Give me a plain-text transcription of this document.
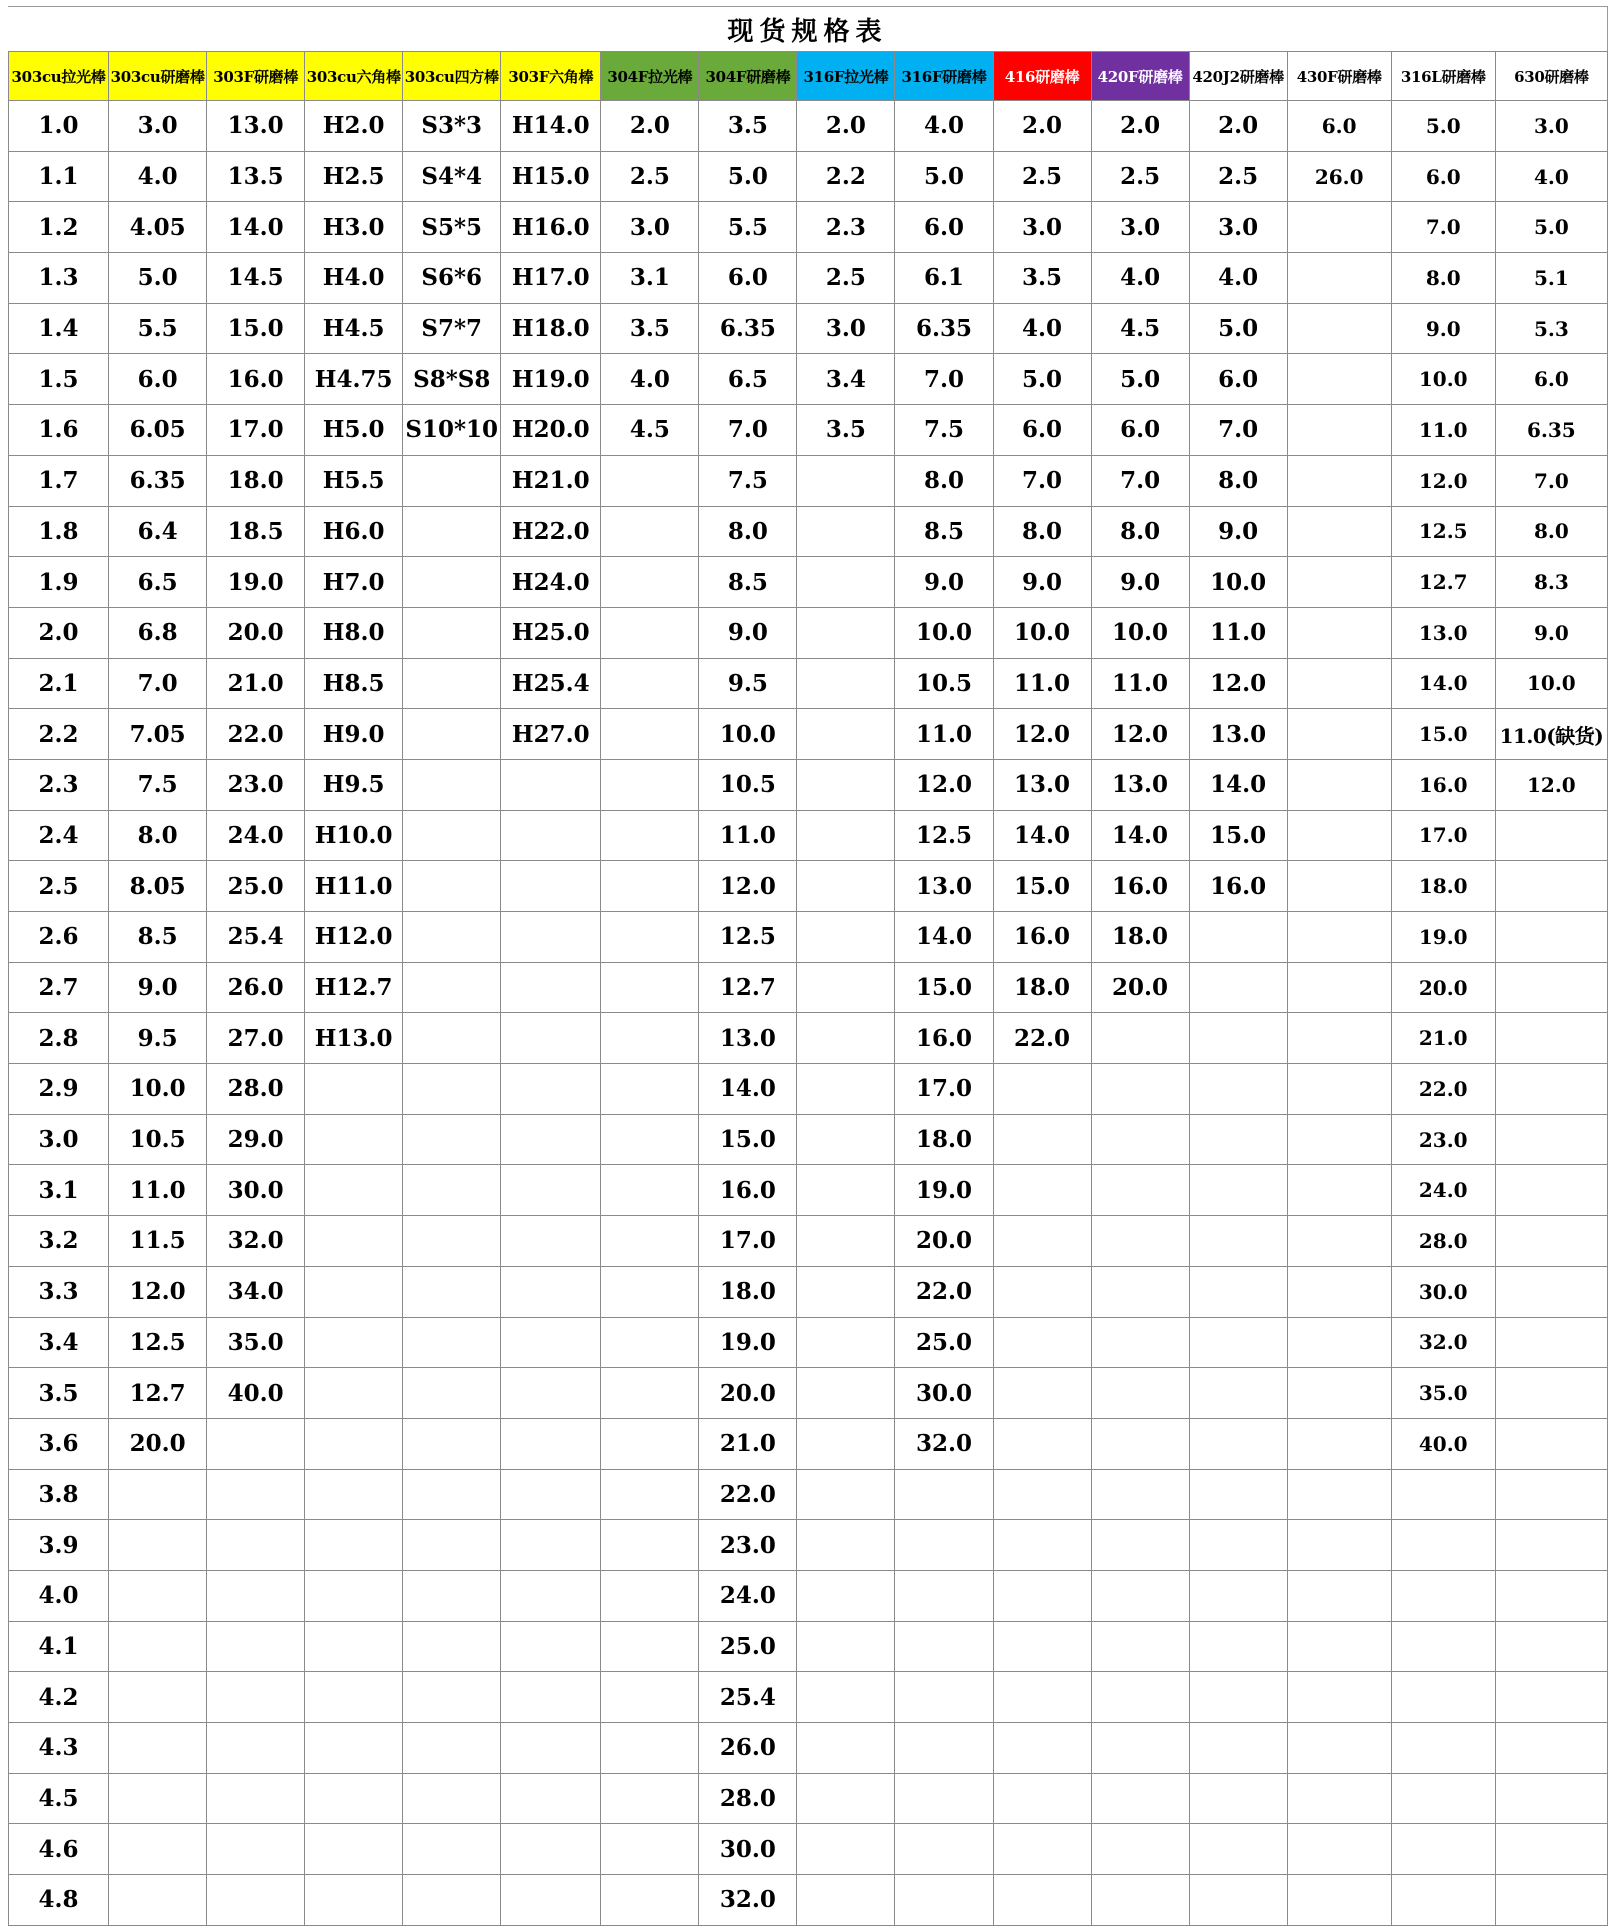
现货规格表
303cu拉光棒	303cu研磨棒	303F研磨棒	303cu六角棒	303cu四方棒	303F六角棒	304F拉光棒	304F研磨棒	316F拉光棒	316F研磨棒	416研磨棒	420F研磨棒	420J2研磨棒	430F研磨棒	316L研磨棒	630研磨棒
1.0	3.0	13.0	H2.0	S3*3	H14.0	2.0	3.5	2.0	4.0	2.0	2.0	2.0	6.0	5.0	3.0
1.1	4.0	13.5	H2.5	S4*4	H15.0	2.5	5.0	2.2	5.0	2.5	2.5	2.5	26.0	6.0	4.0
1.2	4.05	14.0	H3.0	S5*5	H16.0	3.0	5.5	2.3	6.0	3.0	3.0	3.0		7.0	5.0
1.3	5.0	14.5	H4.0	S6*6	H17.0	3.1	6.0	2.5	6.1	3.5	4.0	4.0		8.0	5.1
1.4	5.5	15.0	H4.5	S7*7	H18.0	3.5	6.35	3.0	6.35	4.0	4.5	5.0		9.0	5.3
1.5	6.0	16.0	H4.75	S8*S8	H19.0	4.0	6.5	3.4	7.0	5.0	5.0	6.0		10.0	6.0
1.6	6.05	17.0	H5.0	S10*10	H20.0	4.5	7.0	3.5	7.5	6.0	6.0	7.0		11.0	6.35
1.7	6.35	18.0	H5.5		H21.0		7.5		8.0	7.0	7.0	8.0		12.0	7.0
1.8	6.4	18.5	H6.0		H22.0		8.0		8.5	8.0	8.0	9.0		12.5	8.0
1.9	6.5	19.0	H7.0		H24.0		8.5		9.0	9.0	9.0	10.0		12.7	8.3
2.0	6.8	20.0	H8.0		H25.0		9.0		10.0	10.0	10.0	11.0		13.0	9.0
2.1	7.0	21.0	H8.5		H25.4		9.5		10.5	11.0	11.0	12.0		14.0	10.0
2.2	7.05	22.0	H9.0		H27.0		10.0		11.0	12.0	12.0	13.0		15.0	11.0(缺货)
2.3	7.5	23.0	H9.5				10.5		12.0	13.0	13.0	14.0		16.0	12.0
2.4	8.0	24.0	H10.0				11.0		12.5	14.0	14.0	15.0		17.0	
2.5	8.05	25.0	H11.0				12.0		13.0	15.0	16.0	16.0		18.0	
2.6	8.5	25.4	H12.0				12.5		14.0	16.0	18.0			19.0	
2.7	9.0	26.0	H12.7				12.7		15.0	18.0	20.0			20.0	
2.8	9.5	27.0	H13.0				13.0		16.0	22.0				21.0	
2.9	10.0	28.0					14.0		17.0					22.0	
3.0	10.5	29.0					15.0		18.0					23.0	
3.1	11.0	30.0					16.0		19.0					24.0	
3.2	11.5	32.0					17.0		20.0					28.0	
3.3	12.0	34.0					18.0		22.0					30.0	
3.4	12.5	35.0					19.0		25.0					32.0	
3.5	12.7	40.0					20.0		30.0					35.0	
3.6	20.0						21.0		32.0					40.0	
3.8							22.0								
3.9							23.0								
4.0							24.0								
4.1							25.0								
4.2							25.4								
4.3							26.0								
4.5							28.0								
4.6							30.0								
4.8							32.0								
